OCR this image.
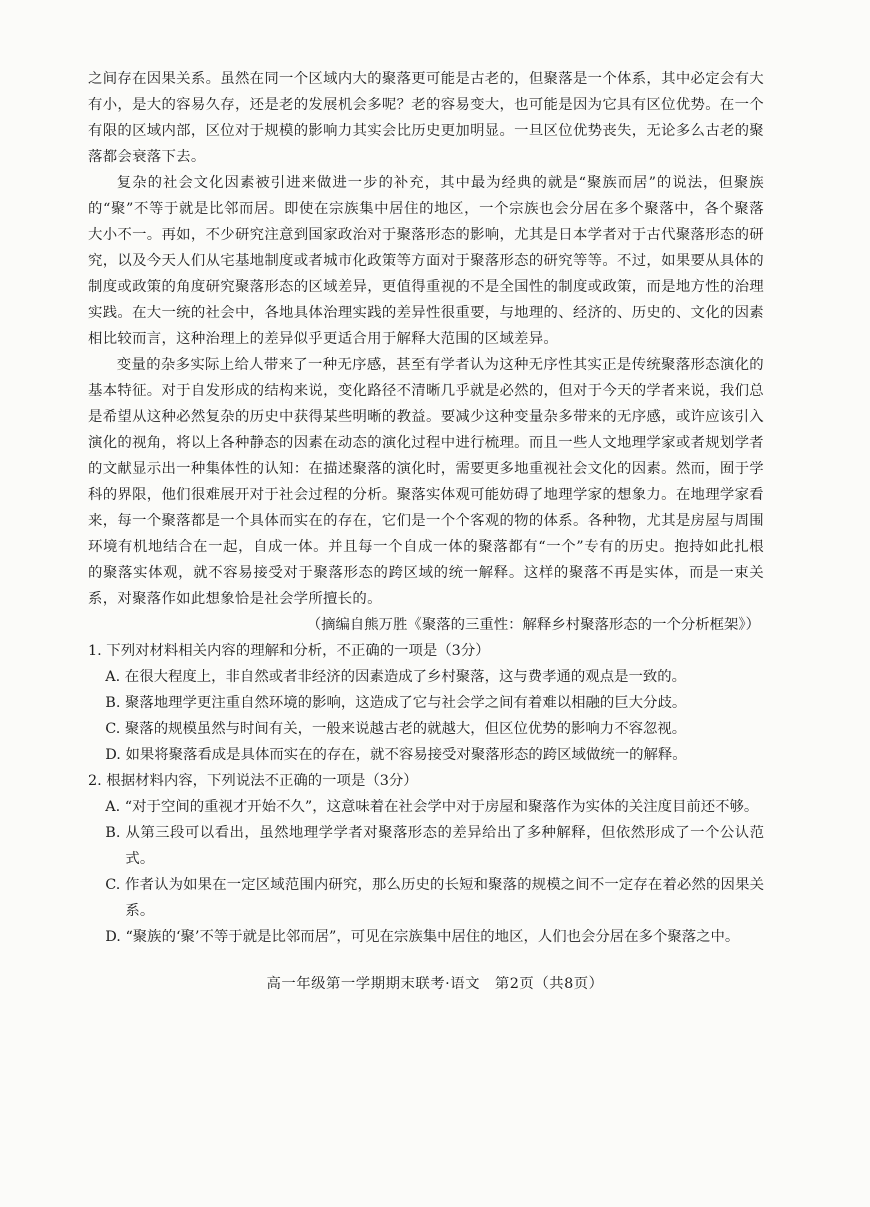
之间存在因果关系。虽然在同一个区域内大的聚落更可能是古老的，但聚落是一个体系，其中必定会有大有小，是大的容易久存，还是老的发展机会多呢？老的容易变大，也可能是因为它具有区位优势。在一个有限的区域内部，区位对于规模的影响力其实会比历史更加明显。一旦区位优势丧失，无论多么古老的聚落都会衰落下去。

复杂的社会文化因素被引进来做进一步的补充，其中最为经典的就是“聚族而居”的说法，但聚族的“聚”不等于就是比邻而居。即使在宗族集中居住的地区，一个宗族也会分居在多个聚落中，各个聚落大小不一。再如，不少研究注意到国家政治对于聚落形态的影响，尤其是日本学者对于古代聚落形态的研究，以及今天人们从宅基地制度或者城市化政策等方面对于聚落形态的研究等等。不过，如果要从具体的制度或政策的角度研究聚落形态的区域差异，更值得重视的不是全国性的制度或政策，而是地方性的治理实践。在大一统的社会中，各地具体治理实践的差异性很重要，与地理的、经济的、历史的、文化的因素相比较而言，这种治理上的差异似乎更适合用于解释大范围的区域差异。

变量的杂多实际上给人带来了一种无序感，甚至有学者认为这种无序性其实正是传统聚落形态演化的基本特征。对于自发形成的结构来说，变化路径不清晰几乎就是必然的，但对于今天的学者来说，我们总是希望从这种必然复杂的历史中获得某些明晰的教益。要减少这种变量杂多带来的无序感，或许应该引入演化的视角，将以上各种静态的因素在动态的演化过程中进行梳理。而且一些人文地理学家或者规划学者的文献显示出一种集体性的认知：在描述聚落的演化时，需要更多地重视社会文化的因素。然而，囿于学科的界限，他们很难展开对于社会过程的分析。聚落实体观可能妨碍了地理学家的想象力。在地理学家看来，每一个聚落都是一个具体而实在的存在，它们是一个个客观的物的体系。各种物，尤其是房屋与周围环境有机地结合在一起，自成一体。并且每一个自成一体的聚落都有“一个”专有的历史。抱持如此扎根的聚落实体观，就不容易接受对于聚落形态的跨区域的统一解释。这样的聚落不再是实体，而是一束关系，对聚落作如此想象恰是社会学所擅长的。

（摘编自熊万胜《聚落的三重性：解释乡村聚落形态的一个分析框架》）

1. 下列对材料相关内容的理解和分析，不正确的一项是（3分）

A. 在很大程度上，非自然或者非经济的因素造成了乡村聚落，这与费孝通的观点是一致的。

B. 聚落地理学更注重自然环境的影响，这造成了它与社会学之间有着难以相融的巨大分歧。

C. 聚落的规模虽然与时间有关，一般来说越古老的就越大，但区位优势的影响力不容忽视。

D. 如果将聚落看成是具体而实在的存在，就不容易接受对聚落形态的跨区域做统一的解释。

2. 根据材料内容，下列说法不正确的一项是（3分）

A. “对于空间的重视才开始不久”，这意味着在社会学中对于房屋和聚落作为实体的关注度目前还不够。

B. 从第三段可以看出，虽然地理学学者对聚落形态的差异给出了多种解释，但依然形成了一个公认范式。

C. 作者认为如果在一定区域范围内研究，那么历史的长短和聚落的规模之间不一定存在着必然的因果关系。

D. “聚族的‘聚’不等于就是比邻而居”，可见在宗族集中居住的地区，人们也会分居在多个聚落之中。

高一年级第一学期期末联考·语文　第2页（共8页）
